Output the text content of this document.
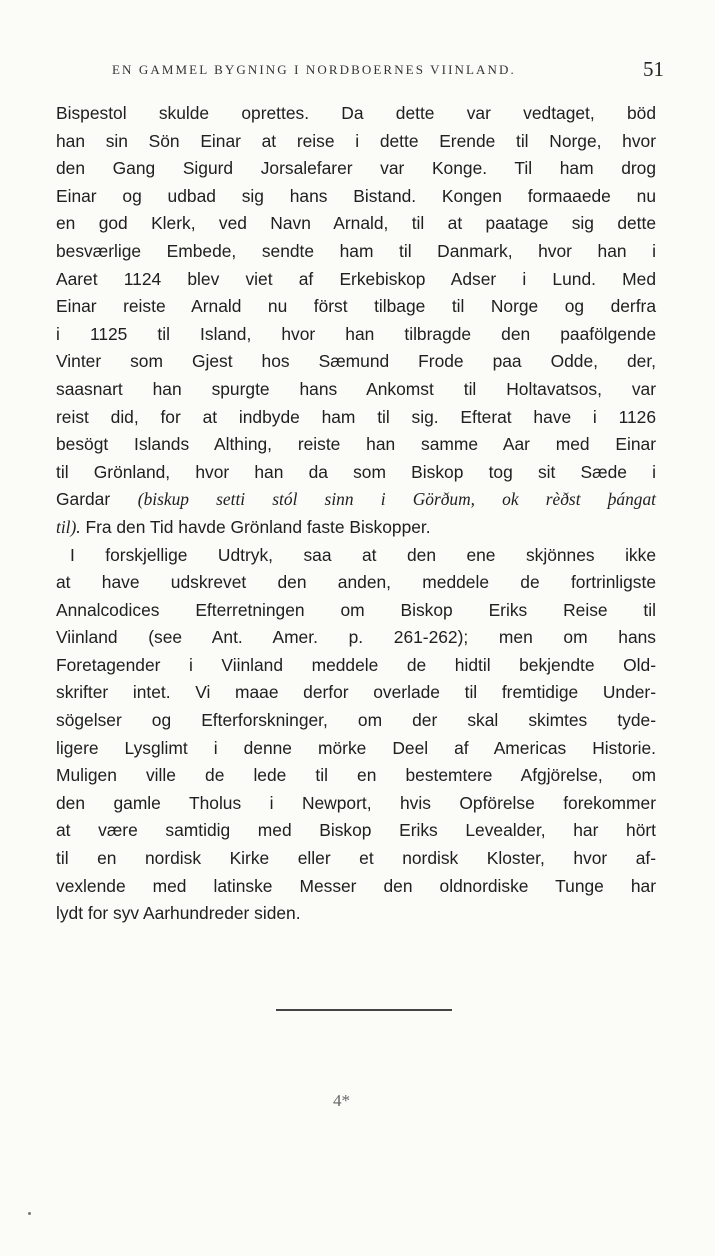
EN GAMMEL BYGNING I NORDBOERNES VIINLAND.	51
Bispestol skulde oprettes. Da dette var vedtaget, böd
han sin Sön Einar at reise i dette Erende til Norge, hvor
den Gang Sigurd Jorsalefarer var Konge. Til ham drog
Einar og udbad sig hans Bistand. Kongen formaaede nu
en god Klerk, ved Navn Arnald, til at paatage sig dette
besværlige Embede, sendte ham til Danmark, hvor han i
Aaret 1124 blev viet af Erkebiskop Adser i Lund. Med
Einar reiste Arnald nu först tilbage til Norge og derfra
i 1125 til Island, hvor han tilbragde den paafölgende
Vinter som Gjest hos Sæmund Frode paa Odde, der,
saasnart han spurgte hans Ankomst til Holtavatsos, var
reist did, for at indbyde ham til sig. Efterat have i 1126
besögt Islands Althing, reiste han samme Aar med Einar
til Grönland, hvor han da som Biskop tog sit Sæde i
Gardar (biskup setti stól sinn i Görðum, ok rèðst þángat
til). Fra den Tid havde Grönland faste Biskopper.
I forskjellige Udtryk, saa at den ene skjönnes ikke
at have udskrevet den anden, meddele de fortrinligste
Annalcodices Efterretningen om Biskop Eriks Reise til
Viinland (see Ant. Amer. p. 261-262); men om hans
Foretagender i Viinland meddele de hidtil bekjendte Old-
skrifter intet. Vi maae derfor overlade til fremtidige Under-
sögelser og Efterforskninger, om der skal skimtes tyde-
ligere Lysglimt i denne mörke Deel af Americas Historie.
Muligen ville de lede til en bestemtere Afgjörelse, om
den gamle Tholus i Newport, hvis Opförelse forekommer
at være samtidig med Biskop Eriks Levealder, har hört
til en nordisk Kirke eller et nordisk Kloster, hvor af-
vexlende med latinske Messer den oldnordiske Tunge har
lydt for syv Aarhundreder siden.
4*
